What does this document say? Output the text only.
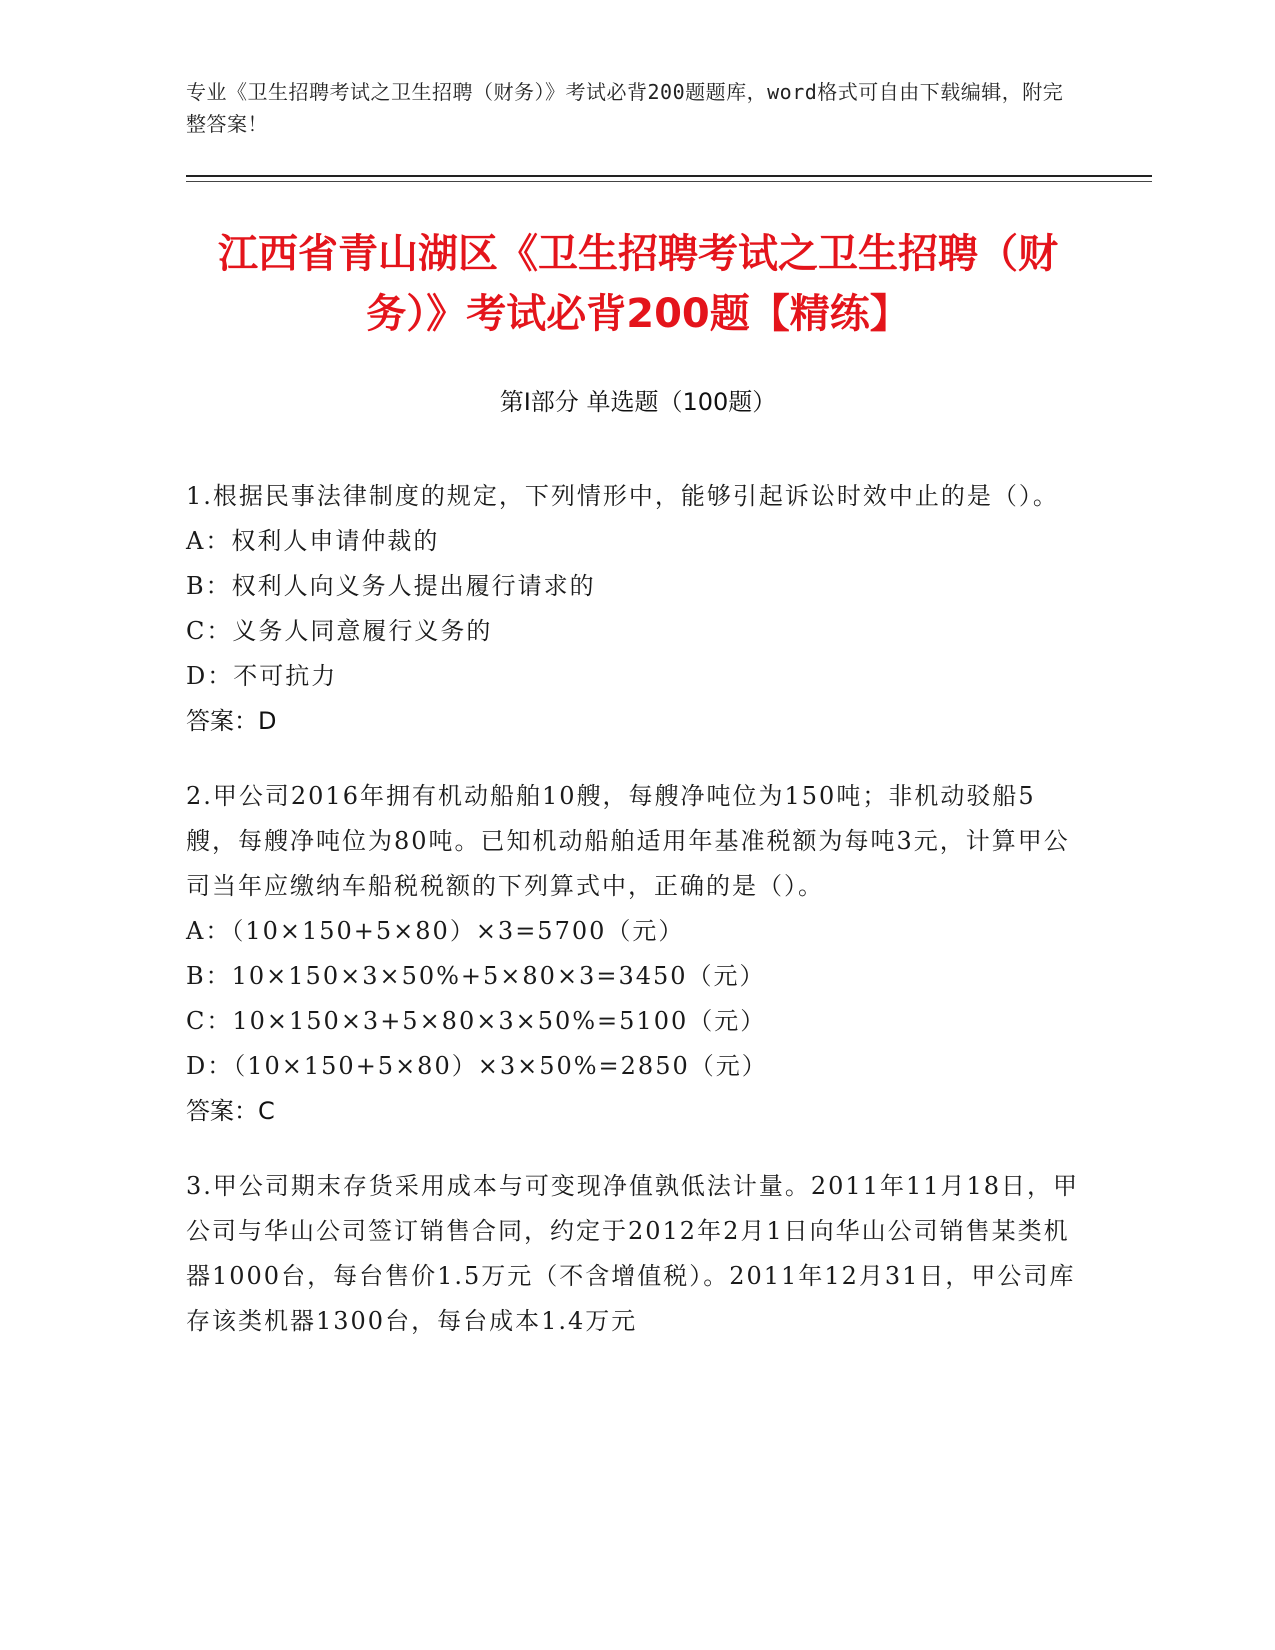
专业《卫生招聘考试之卫生招聘（财务）》考试必背200题题库，word格式可自由下载编辑，附完整答案！
江西省青山湖区《卫生招聘考试之卫生招聘（财务）》考试必背200题【精练】
第I部分 单选题（100题）
1.根据民事法律制度的规定，下列情形中，能够引起诉讼时效中止的是（）。
A：权利人申请仲裁的
B：权利人向义务人提出履行请求的
C：义务人同意履行义务的
D：不可抗力
答案：D
2.甲公司2016年拥有机动船舶10艘，每艘净吨位为150吨；非机动驳船5艘，每艘净吨位为80吨。已知机动船舶适用年基准税额为每吨3元，计算甲公司当年应缴纳车船税税额的下列算式中，正确的是（）。
A：（10×150+5×80）×3=5700（元）
B：10×150×3×50%+5×80×3=3450（元）
C：10×150×3+5×80×3×50%=5100（元）
D：（10×150+5×80）×3×50%=2850（元）
答案：C
3.甲公司期末存货采用成本与可变现净值孰低法计量。2011年11月18日，甲公司与华山公司签订销售合同，约定于2012年2月1日向华山公司销售某类机器1000台，每台售价1.5万元（不含增值税）。2011年12月31日，甲公司库存该类机器1300台，每台成本1.4万元
